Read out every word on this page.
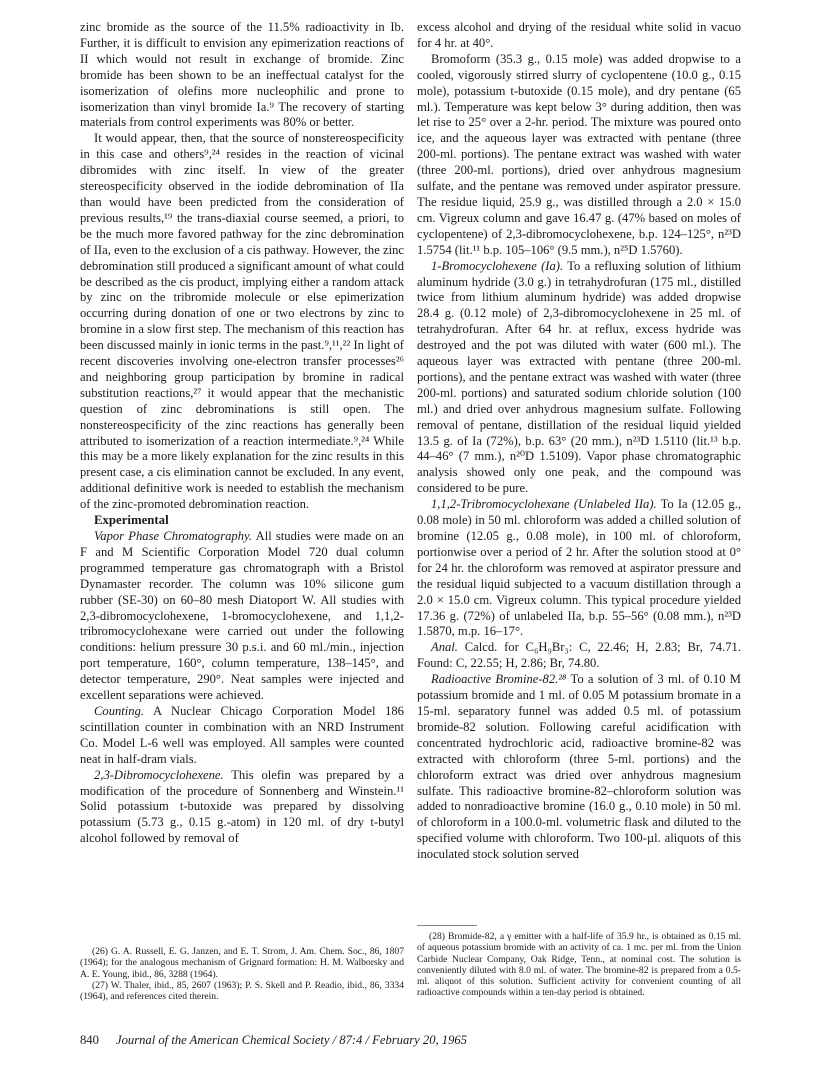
zinc bromide as the source of the 11.5% radioactivity in Ib. Further, it is difficult to envision any epimerization reactions of II which would not result in exchange of bromide. Zinc bromide has been shown to be an ineffectual catalyst for the isomerization of olefins more nucleophilic and prone to isomerization than vinyl bromide Ia.⁹ The recovery of starting materials from control experiments was 80% or better.

It would appear, then, that the source of nonstereospecificity in this case and others⁹,²⁴ resides in the reaction of vicinal dibromides with zinc itself. In view of the greater stereospecificity observed in the iodide debromination of IIa than would have been predicted from the consideration of previous results,¹⁹ the trans-diaxial course seemed, a priori, to be the much more favored pathway for the zinc debromination of IIa, even to the exclusion of a cis pathway. However, the zinc debromination still produced a significant amount of what could be described as the cis product, implying either a random attack by zinc on the tribromide molecule or else epimerization occurring during donation of one or two electrons by zinc to bromine in a slow first step. The mechanism of this reaction has been discussed mainly in ionic terms in the past.⁹,¹¹,²² In light of recent discoveries involving one-electron transfer processes²⁶ and neighboring group participation by bromine in radical substitution reactions,²⁷ it would appear that the mechanistic question of zinc debrominations is still open. The nonstereospecificity of the zinc reactions has generally been attributed to isomerization of a reaction intermediate.⁹,²⁴ While this may be a more likely explanation for the zinc results in this present case, a cis elimination cannot be excluded. In any event, additional definitive work is needed to establish the mechanism of the zinc-promoted debromination reaction.

Experimental

Vapor Phase Chromatography. All studies were made on an F and M Scientific Corporation Model 720 dual column programmed temperature gas chromatograph with a Bristol Dynamaster recorder. The column was 10% silicone gum rubber (SE-30) on 60–80 mesh Diatoport W. All studies with 2,3-dibromocyclohexene, 1-bromocyclohexene, and 1,1,2-tribromocyclohexane were carried out under the following conditions: helium pressure 30 p.s.i. and 60 ml./min., injection port temperature, 160°, column temperature, 138–145°, and detector temperature, 290°. Neat samples were injected and excellent separations were achieved.

Counting. A Nuclear Chicago Corporation Model 186 scintillation counter in combination with an NRD Instrument Co. Model L-6 well was employed. All samples were counted neat in half-dram vials.

2,3-Dibromocyclohexene. This olefin was prepared by a modification of the procedure of Sonnenberg and Winstein.¹¹ Solid potassium t-butoxide was prepared by dissolving potassium (5.73 g., 0.15 g.-atom) in 120 ml. of dry t-butyl alcohol followed by removal of

excess alcohol and drying of the residual white solid in vacuo for 4 hr. at 40°.

Bromoform (35.3 g., 0.15 mole) was added dropwise to a cooled, vigorously stirred slurry of cyclopentene (10.0 g., 0.15 mole), potassium t-butoxide (0.15 mole), and dry pentane (65 ml.). Temperature was kept below 3° during addition, then was let rise to 25° over a 2-hr. period. The mixture was poured onto ice, and the aqueous layer was extracted with pentane (three 200-ml. portions). The pentane extract was washed with water (three 200-ml. portions), dried over anhydrous magnesium sulfate, and the pentane was removed under aspirator pressure. The residue liquid, 25.9 g., was distilled through a 2.0 × 15.0 cm. Vigreux column and gave 16.47 g. (47% based on moles of cyclopentene) of 2,3-dibromocyclohexene, b.p. 124–125°, n²³D 1.5754 (lit.¹¹ b.p. 105–106° (9.5 mm.), n²⁵D 1.5760).

1-Bromocyclohexene (Ia). To a refluxing solution of lithium aluminum hydride (3.0 g.) in tetrahydrofuran (175 ml., distilled twice from lithium aluminum hydride) was added dropwise 28.4 g. (0.12 mole) of 2,3-dibromocyclohexene in 25 ml. of tetrahydrofuran. After 64 hr. at reflux, excess hydride was destroyed and the pot was diluted with water (600 ml.). The aqueous layer was extracted with pentane (three 200-ml. portions), and the pentane extract was washed with water (three 200-ml. portions) and saturated sodium chloride solution (100 ml.) and dried over anhydrous magnesium sulfate. Following removal of pentane, distillation of the residual liquid yielded 13.5 g. of Ia (72%), b.p. 63° (20 mm.), n²³D 1.5110 (lit.¹³ b.p. 44–46° (7 mm.), n²⁰D 1.5109). Vapor phase chromatographic analysis showed only one peak, and the compound was considered to be pure.

1,1,2-Tribromocyclohexane (Unlabeled IIa). To Ia (12.05 g., 0.08 mole) in 50 ml. chloroform was added a chilled solution of bromine (12.05 g., 0.08 mole), in 100 ml. of chloroform, portionwise over a period of 2 hr. After the solution stood at 0° for 24 hr. the chloroform was removed at aspirator pressure and the residual liquid subjected to a vacuum distillation through a 2.0 × 15.0 cm. Vigreux column. This typical procedure yielded 17.36 g. (72%) of unlabeled IIa, b.p. 55–56° (0.08 mm.), n²³D 1.5870, m.p. 16–17°.

Anal. Calcd. for C₆H₉Br₃: C, 22.46; H, 2.83; Br, 74.71. Found: C, 22.55; H, 2.86; Br, 74.80.

Radioactive Bromine-82.²⁸ To a solution of 3 ml. of 0.10 M potassium bromide and 1 ml. of 0.05 M potassium bromate in a 15-ml. separatory funnel was added 0.5 ml. of potassium bromide-82 solution. Following careful acidification with concentrated hydrochloric acid, radioactive bromine-82 was extracted with chloroform (three 5-ml. portions) and the chloroform extract was dried over anhydrous magnesium sulfate. This radioactive bromine-82–chloroform solution was added to nonradioactive bromine (16.0 g., 0.10 mole) in 50 ml. of chloroform in a 100.0-ml. volumetric flask and diluted to the specified volume with chloroform. Two 100-µl. aliquots of this inoculated stock solution served

(26) G. A. Russell, E. G. Janzen, and E. T. Strom, J. Am. Chem. Soc., 86, 1807 (1964); for the analogous mechanism of Grignard formation: H. M. Walborsky and A. E. Young, ibid., 86, 3288 (1964).

(27) W. Thaler, ibid., 85, 2607 (1963); P. S. Skell and P. Readio, ibid., 86, 3334 (1964), and references cited therein.

(28) Bromide-82, a γ emitter with a half-life of 35.9 hr., is obtained as 0.15 ml. of aqueous potassium bromide with an activity of ca. 1 mc. per ml. from the Union Carbide Nuclear Company, Oak Ridge, Tenn., at nominal cost. The solution is conveniently diluted with 8.0 ml. of water. The bromine-82 is prepared from a 0.5-ml. aliquot of this solution. Sufficient activity for convenient counting of all radioactive compounds within a ten-day period is obtained.

840 Journal of the American Chemical Society / 87:4 / February 20, 1965
